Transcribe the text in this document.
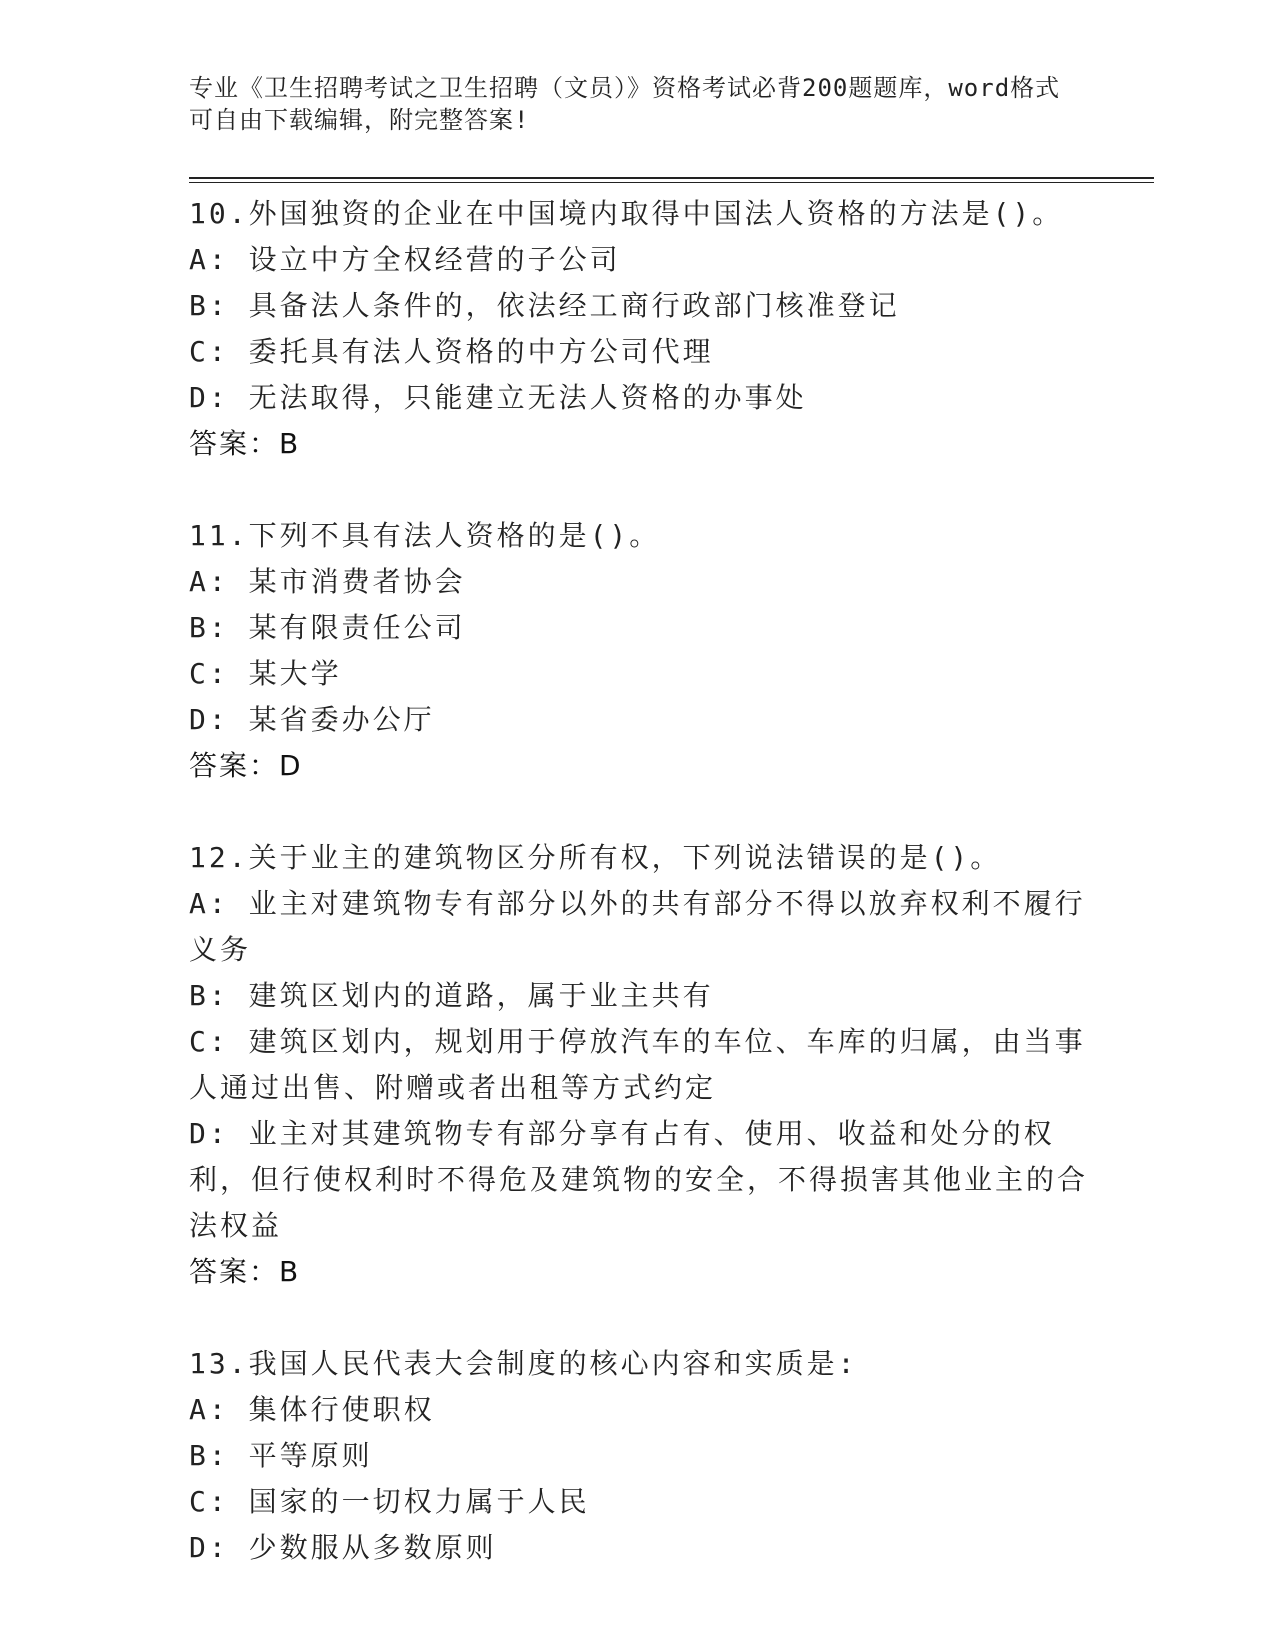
专业《卫生招聘考试之卫生招聘（文员）》资格考试必背200题题库，word格式
可自由下载编辑，附完整答案!
10.外国独资的企业在中国境内取得中国法人资格的方法是()。
A: 设立中方全权经营的子公司
B: 具备法人条件的，依法经工商行政部门核准登记
C: 委托具有法人资格的中方公司代理
D: 无法取得，只能建立无法人资格的办事处
答案：B
11.下列不具有法人资格的是()。
A: 某市消费者协会
B: 某有限责任公司
C: 某大学
D: 某省委办公厅
答案：D
12.关于业主的建筑物区分所有权，下列说法错误的是()。
A: 业主对建筑物专有部分以外的共有部分不得以放弃权利不履行义务
B: 建筑区划内的道路，属于业主共有
C: 建筑区划内，规划用于停放汽车的车位、车库的归属，由当事人通过出售、附赠或者出租等方式约定
D: 业主对其建筑物专有部分享有占有、使用、收益和处分的权利，但行使权利时不得危及建筑物的安全，不得损害其他业主的合法权益
答案：B
13.我国人民代表大会制度的核心内容和实质是:
A: 集体行使职权
B: 平等原则
C: 国家的一切权力属于人民
D: 少数服从多数原则
